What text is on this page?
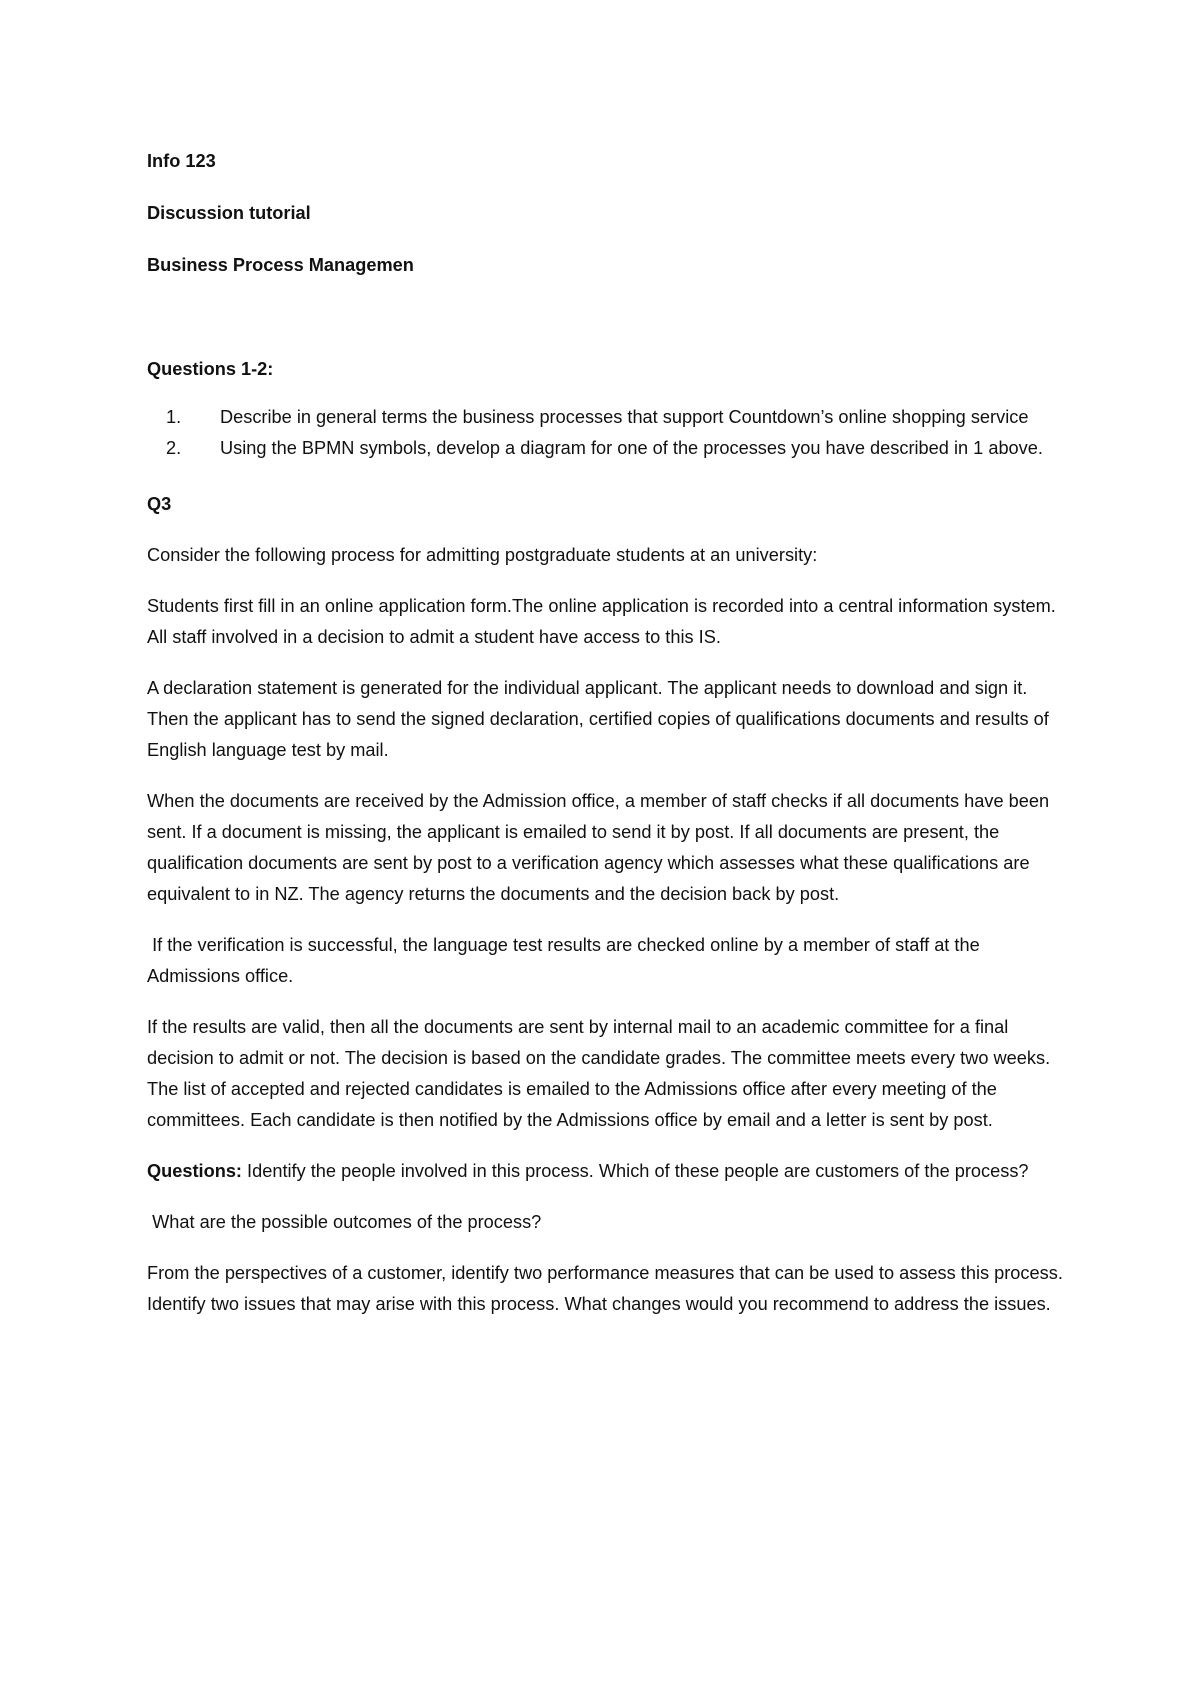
Info 123

Discussion tutorial

Business Process Managemen

Questions 1-2:

1. Describe in general terms the business processes that support Countdown’s online shopping service
2. Using the BPMN symbols, develop a diagram for one of the processes you have described in 1 above.

Q3

Consider the following process for admitting postgraduate students at an university:

Students first fill in an online application form.The online application is recorded into a central information system. All staff involved in a decision to admit a student have access to this IS.

A declaration statement is generated for the individual applicant. The applicant needs to download and sign it. Then the applicant has to send the signed declaration, certified copies of qualifications documents and results of English language test by mail.

When the documents are received by the Admission office, a member of staff checks if all documents have been sent. If a document is missing, the applicant is emailed to send it by post. If all documents are present, the qualification documents are sent by post to a verification agency which assesses what these qualifications are equivalent to in NZ. The agency returns the documents and the decision back by post.

If the verification is successful, the language test results are checked online by a member of staff at the Admissions office.

If the results are valid, then all the documents are sent by internal mail to an academic committee for a final decision to admit or not. The decision is based on the candidate grades. The committee meets every two weeks. The list of accepted and rejected candidates is emailed to the Admissions office after every meeting of the committees. Each candidate is then notified by the Admissions office by email and a letter is sent by post.

Questions: Identify the people involved in this process. Which of these people are customers of the process?

What are the possible outcomes of the process?

From the perspectives of a customer, identify two performance measures that can be used to assess this process. Identify two issues that may arise with this process. What changes would you recommend to address the issues.
